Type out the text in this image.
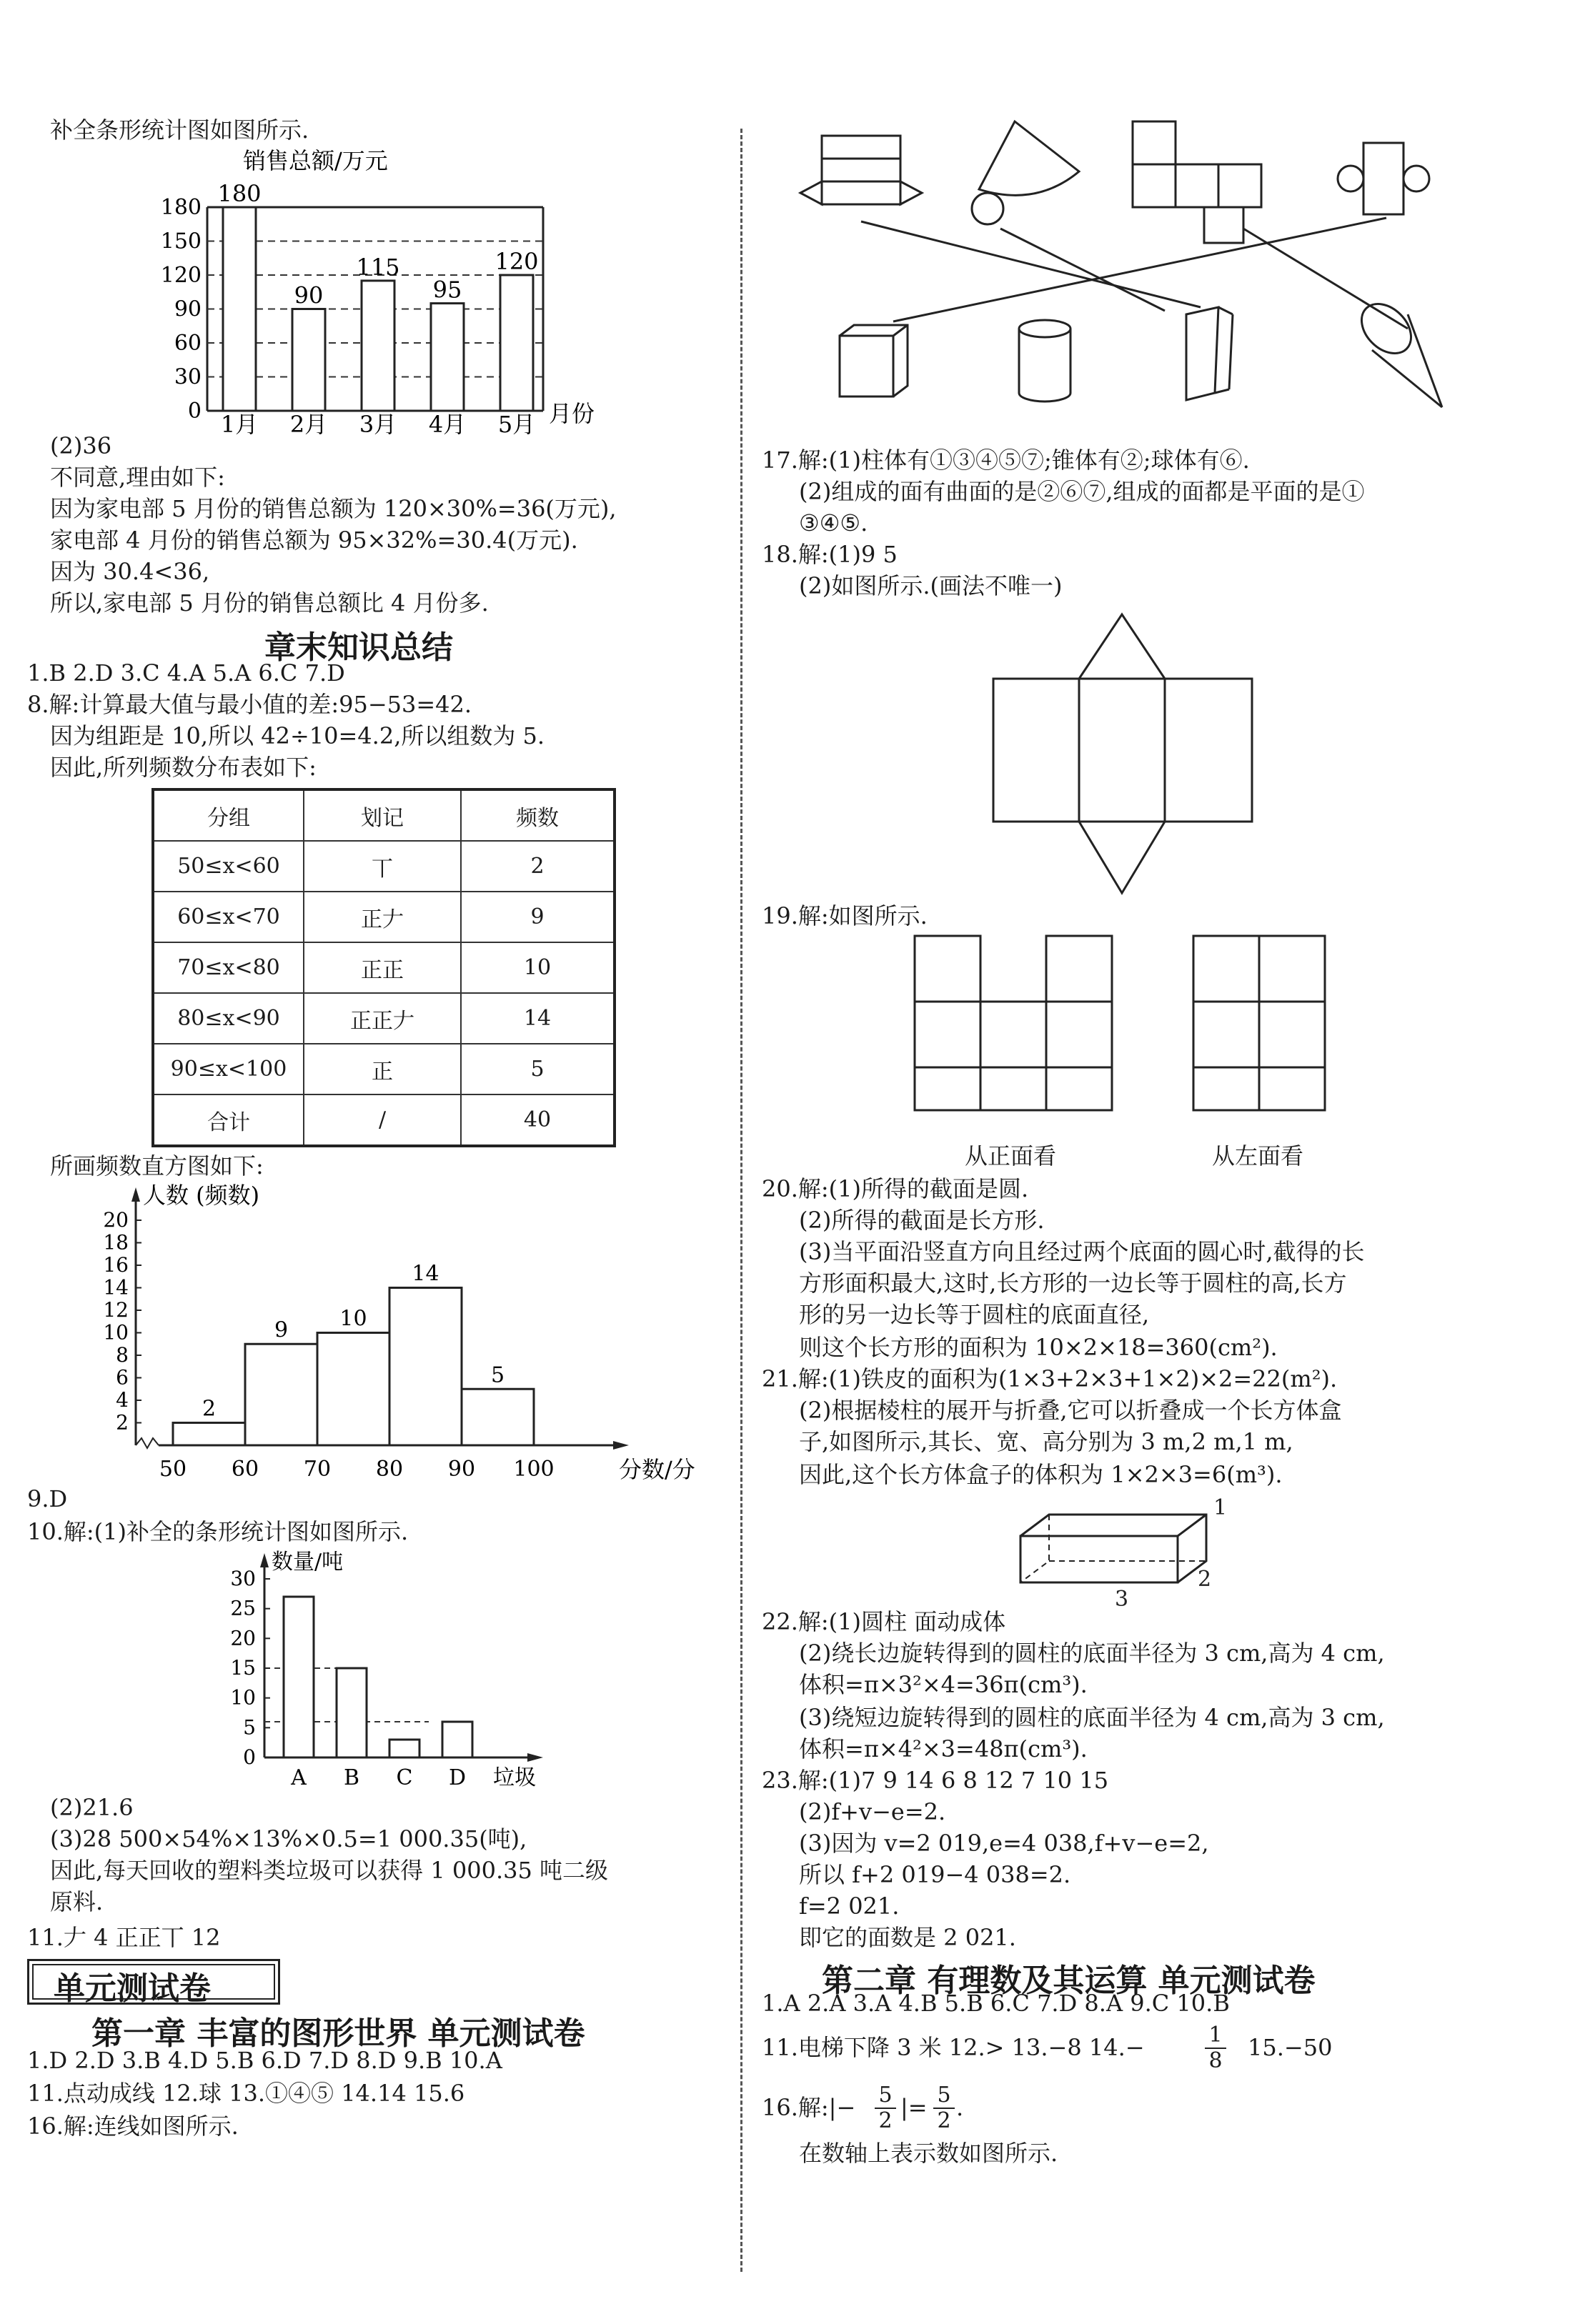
补全条形统计图如图所示.
销售总额/万元
180
150
120
90
60
30
0
180
1月
90
2月
115
3月
95
4月
120
5月 月份
(2)36
不同意,理由如下:
因为家电部 5 月份的销售总额为 120×30%=36(万元),
家电部 4 月份的销售总额为 95×32%=30.4(万元).
因为 30.4<36,
所以,家电部 5 月份的销售总额比 4 月份多.
章末知识总结
1.B 2.D 3.C 4.A 5.A 6.C 7.D
8.解:计算最大值与最小值的差:95−53=42.
因为组距是 10,所以 42÷10=4.2,所以组数为 5.
因此,所列频数分布表如下:
分组	划记	频数
50≤x<60	丅	2
60≤x<70	正𠂇	9
70≤x<80	正正	10
80≤x<90	正正𠂇	14
90≤x<100	正	5
合计	/	40
所画频数直方图如下:
人数 (频数)
20
18
16
14
12
10
8
6
4
2
2
9 10
14
5
50 60 70 80 90 100	分数/分
9.D
10.解:(1)补全的条形统计图如图所示.
数量/吨
30
25
20
15
10
5
0
A B C D 垃圾
(2)21.6
(3)28 500×54%×13%×0.5=1 000.35(吨),
因此,每天回收的塑料类垃圾可以获得 1 000.35 吨二级
原料.
11.𠂇 4 正正丅 12
单元测试卷
第一章 丰富的图形世界 单元测试卷
1.D 2.D 3.B 4.D 5.B 6.D 7.D 8.D 9.B 10.A
11.点动成线 12.球 13.①④⑤ 14.14 15.6
16.解:连线如图所示.
17.解:(1)柱体有①③④⑤⑦;锥体有②;球体有⑥.
(2)组成的面有曲面的是②⑥⑦,组成的面都是平面的是①
③④⑤.
18.解:(1)9 5
(2)如图所示.(画法不唯一)
19.解:如图所示.
从正面看	从左面看
20.解:(1)所得的截面是圆.
(2)所得的截面是长方形.
(3)当平面沿竖直方向且经过两个底面的圆心时,截得的长
方形面积最大,这时,长方形的一边长等于圆柱的高,长方
形的另一边长等于圆柱的底面直径,
则这个长方形的面积为 10×2×18=360(cm²).
21.解:(1)铁皮的面积为(1×3+2×3+1×2)×2=22(m²).
(2)根据棱柱的展开与折叠,它可以折叠成一个长方体盒
子,如图所示,其长、宽、高分别为 3 m,2 m,1 m,
因此,这个长方体盒子的体积为 1×2×3=6(m³).
1
2
3
22.解:(1)圆柱 面动成体
(2)绕长边旋转得到的圆柱的底面半径为 3 cm,高为 4 cm,
体积=π×3²×4=36π(cm³).
(3)绕短边旋转得到的圆柱的底面半径为 4 cm,高为 3 cm,
体积=π×4²×3=48π(cm³).
23.解:(1)7 9 14 6 8 12 7 10 15
(2)f+v−e=2.
(3)因为 v=2 019,e=4 038,f+v−e=2,
所以 f+2 019−4 038=2.
f=2 021.
即它的面数是 2 021.
第二章 有理数及其运算 单元测试卷
1.A 2.A 3.A 4.B 5.B 6.C 7.D 8.A 9.C 10.B
11.电梯下降 3 米 12.> 13.−8 14.−	1
8 15.−50
16.解:|− 5
2 |= 5
2 .
在数轴上表示数如图所示.
